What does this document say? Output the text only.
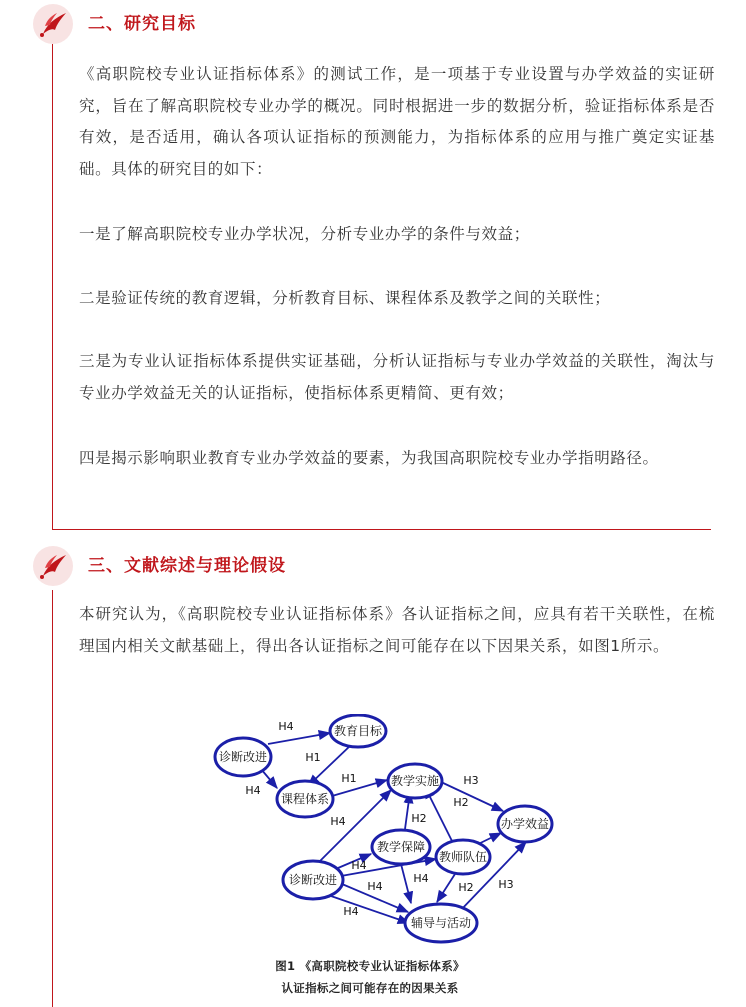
二、研究目标

《高职院校专业认证指标体系》的测试工作，是一项基于专业设置与办学效益的实证研究，旨在了解高职院校专业办学的概况。同时根据进一步的数据分析，验证指标体系是否有效，是否适用，确认各项认证指标的预测能力，为指标体系的应用与推广奠定实证基础。具体的研究目的如下：

一是了解高职院校专业办学状况，分析专业办学的条件与效益；

二是验证传统的教育逻辑，分析教育目标、课程体系及教学之间的关联性；

三是为专业认证指标体系提供实证基础，分析认证指标与专业办学效益的关联性，淘汰与专业办学效益无关的认证指标，使指标体系更精简、更有效；

四是揭示影响职业教育专业办学效益的要素，为我国高职院校专业办学指明路径。

三、文献综述与理论假设

本研究认为，《高职院校专业认证指标体系》各认证指标之间，应具有若干关联性，在梳理国内相关文献基础上，得出各认证指标之间可能存在以下因果关系，如图1所示。

诊断改进
教育目标
课程体系
教学实施
办学效益
教学保障
教师队伍
诊断改进
辅导与活动
H4
H1
H4
H1	H3
H2
H2
H4
H4
H4
H4	H2 H3
H4
图1 《高职院校专业认证指标体系》
认证指标之间可能存在的因果关系
